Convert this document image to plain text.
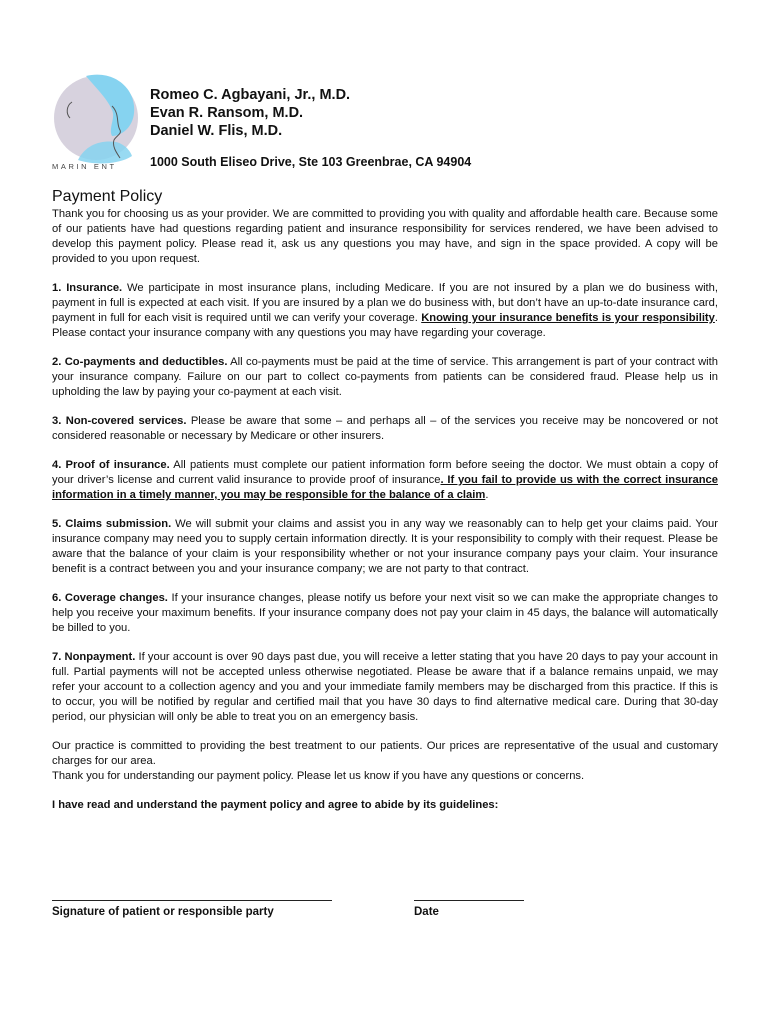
MARIN ENT
Romeo C. Agbayani, Jr., M.D.
Evan R. Ransom, M.D.
Daniel W. Flis, M.D.
1000 South Eliseo Drive, Ste 103 Greenbrae, CA 94904
Payment Policy

Thank you for choosing us as your provider. We are committed to providing you with quality and affordable health care. Because some of our patients have had questions regarding patient and insurance responsibility for services rendered, we have been advised to develop this payment policy. Please read it, ask us any questions you may have, and sign in the space provided. A copy will be provided to you upon request.

1. Insurance. We participate in most insurance plans, including Medicare. If you are not insured by a plan we do business with, payment in full is expected at each visit. If you are insured by a plan we do business with, but don’t have an up-to-date insurance card, payment in full for each visit is required until we can verify your coverage. Knowing your insurance benefits is your responsibility. Please contact your insurance company with any questions you may have regarding your coverage.

2. Co-payments and deductibles. All co-payments must be paid at the time of service. This arrangement is part of your contract with your insurance company. Failure on our part to collect co-payments from patients can be considered fraud. Please help us in upholding the law by paying your co-payment at each visit.

3. Non-covered services. Please be aware that some – and perhaps all – of the services you receive may be noncovered or not considered reasonable or necessary by Medicare or other insurers.

4. Proof of insurance. All patients must complete our patient information form before seeing the doctor. We must obtain a copy of your driver’s license and current valid insurance to provide proof of insurance. If you fail to provide us with the correct insurance information in a timely manner, you may be responsible for the balance of a claim.

5. Claims submission. We will submit your claims and assist you in any way we reasonably can to help get your claims paid. Your insurance company may need you to supply certain information directly. It is your responsibility to comply with their request. Please be aware that the balance of your claim is your responsibility whether or not your insurance company pays your claim. Your insurance benefit is a contract between you and your insurance company; we are not party to that contract.

6. Coverage changes. If your insurance changes, please notify us before your next visit so we can make the appropriate changes to help you receive your maximum benefits. If your insurance company does not pay your claim in 45 days, the balance will automatically be billed to you.

7. Nonpayment. If your account is over 90 days past due, you will receive a letter stating that you have 20 days to pay your account in full. Partial payments will not be accepted unless otherwise negotiated. Please be aware that if a balance remains unpaid, we may refer your account to a collection agency and you and your immediate family members may be discharged from this practice. If this is to occur, you will be notified by regular and certified mail that you have 30 days to find alternative medical care. During that 30-day period, our physician will only be able to treat you on an emergency basis.

Our practice is committed to providing the best treatment to our patients. Our prices are representative of the usual and customary charges for our area.

Thank you for understanding our payment policy. Please let us know if you have any questions or concerns.

I have read and understand the payment policy and agree to abide by its guidelines:

Signature of patient or responsible party	Date
